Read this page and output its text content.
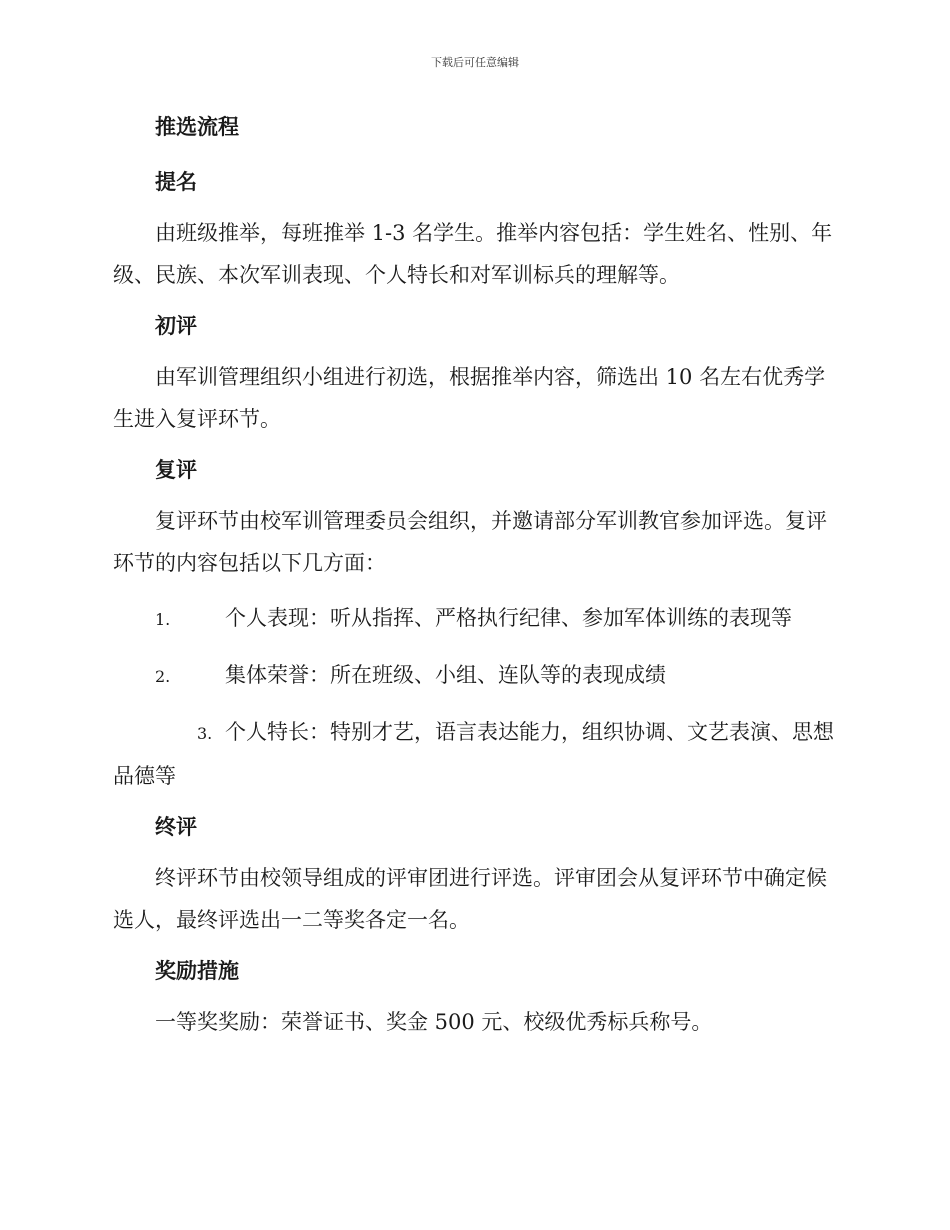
下载后可任意编辑
推选流程
提名

由班级推举，每班推举 1-3 名学生。推举内容包括：学生姓名、性别、年级、民族、本次军训表现、个人特长和对军训标兵的理解等。

初评

由军训管理组织小组进行初选，根据推举内容，筛选出 10 名左右优秀学生进入复评环节。

复评

复评环节由校军训管理委员会组织，并邀请部分军训教官参加评选。复评环节的内容包括以下几方面：

1.	个人表现：听从指挥、严格执行纪律、参加军体训练的表现等

2.	集体荣誉：所在班级、小组、连队等的表现成绩

3. 个人特长：特别才艺，语言表达能力，组织协调、文艺表演、思想品德等

终评

终评环节由校领导组成的评审团进行评选。评审团会从复评环节中确定候选人，最终评选出一二等奖各定一名。

奖励措施

一等奖奖励：荣誉证书、奖金 500 元、校级优秀标兵称号。
